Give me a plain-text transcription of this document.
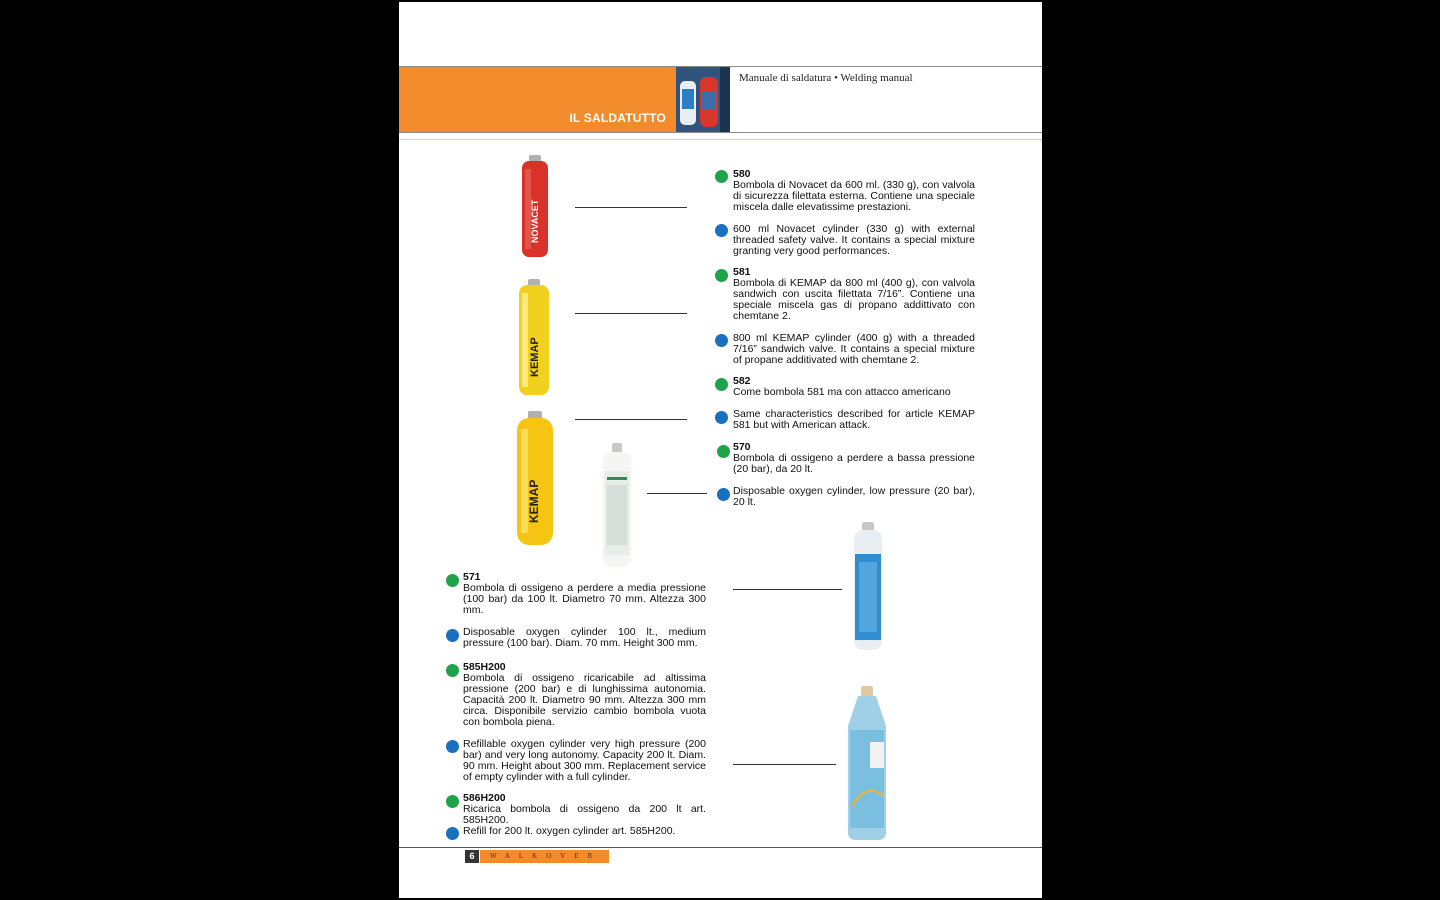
IL SALDATUTTO
Manuale di saldatura • Welding manual
NOVACET
KEMAP
KEMAP
580
Bombola di Novacet da 600 ml. (330 g), con valvola di sicurezza filettata esterna. Contiene una speciale miscela dalle elevatissime prestazioni.
600 ml Novacet cylinder (330 g) with external threaded safety valve. It contains a special mixture granting very good performances.
581
Bombola di KEMAP da 800 ml (400 g), con valvola sandwich con uscita filettata 7/16”. Contiene una speciale miscela gas di propano addittivato con chemtane 2.
800 ml KEMAP cylinder (400 g) with a threaded 7/16” sandwich valve. It contains a special mixture of propane additivated with chemtane 2.
582
Come bombola 581 ma con attacco americano
Same characteristics described for article KEMAP 581 but with American attack.
570
Bombola di ossigeno a perdere a bassa pressione (20 bar), da 20 lt.
Disposable oxygen cylinder, low pressure (20 bar), 20 lt.
571
Bombola di ossigeno a perdere a media pressione (100 bar) da 100 lt. Diametro 70 mm. Altezza 300 mm.
Disposable oxygen cylinder 100 lt., medium pressure (100 bar). Diam. 70 mm. Height 300 mm.
585H200
Bombola di ossigeno ricaricabile ad altissima pressione (200 bar) e di lunghissima autonomia. Capacità 200 lt. Diametro 90 mm. Altezza 300 mm circa. Disponibile servizio cambio bombola vuota con bombola piena.
Refillable oxygen cylinder very high pressure (200 bar) and very long autonomy. Capacity 200 lt. Diam. 90 mm. Height about 300 mm. Replacement service of empty cylinder with a full cylinder.
586H200
Ricarica bombola di ossigeno da 200 lt art. 585H200.
Refill for 200 lt. oxygen cylinder art. 585H200.
6	WALKOVER
